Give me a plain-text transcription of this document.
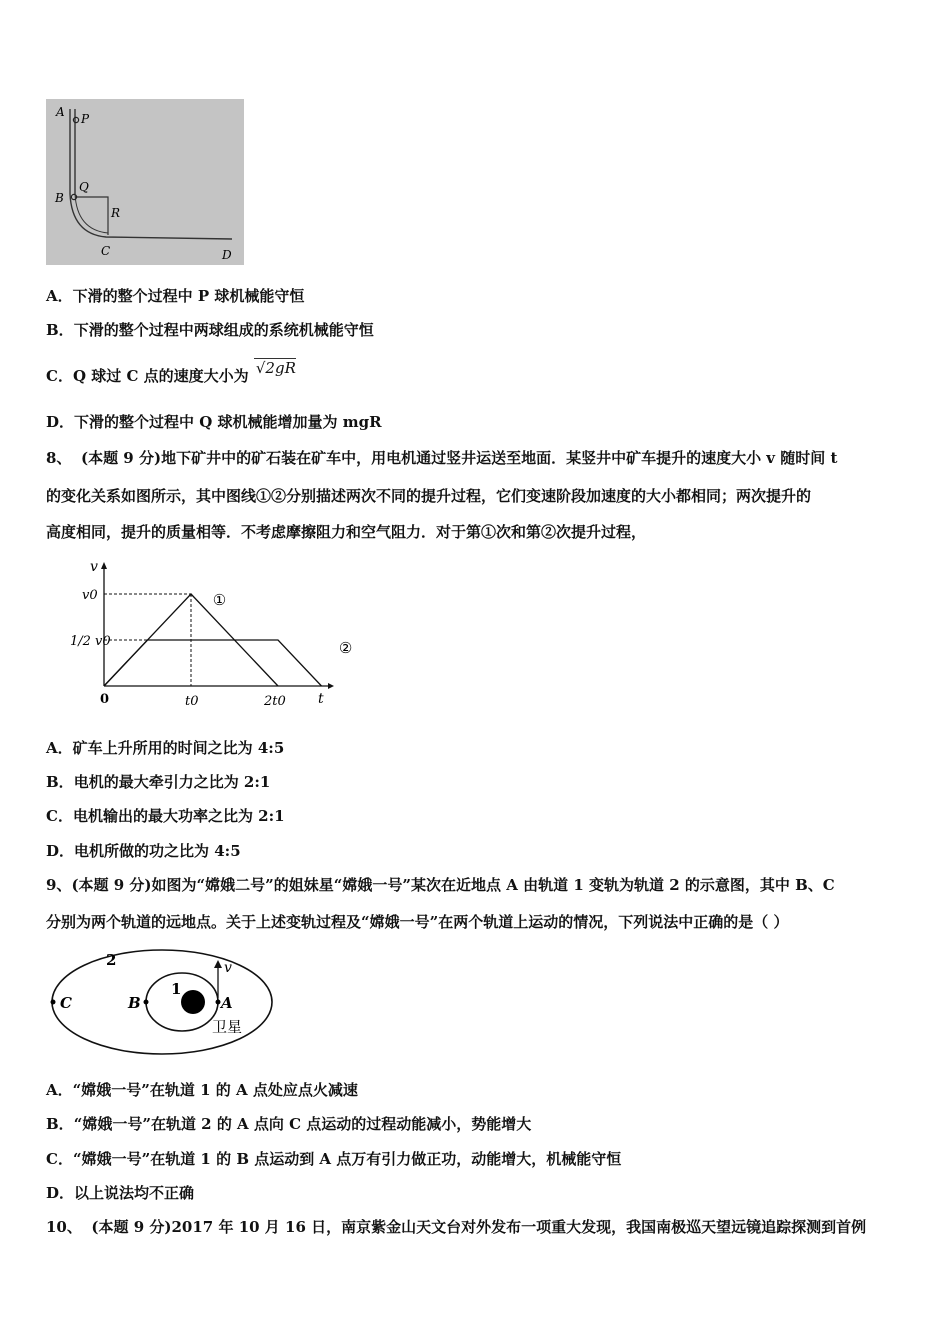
A P
B
Q
R
C	D
A．下滑的整个过程中 P 球机械能守恒
B．下滑的整个过程中两球组成的系统机械能守恒
C．Q 球过 C 点的速度大小为 √2gR
D．下滑的整个过程中 Q 球机械能增加量为 mgR
8、 (本题 9 分)地下矿井中的矿石装在矿车中，用电机通过竖井运送至地面．某竖井中矿车提升的速度大小 v 随时间 t
的变化关系如图所示，其中图线①②分别描述两次不同的提升过程，它们变速阶段加速度的大小都相同；两次提升的
高度相同，提升的质量相等．不考虑摩擦阻力和空气阻力．对于第①次和第②次提升过程，
①
②
0	t0	2t0
v0
1/2 v0
t
v
A．矿车上升所用的时间之比为 4:5
B．电机的最大牵引力之比为 2:1
C．电机输出的最大功率之比为 2:1
D．电机所做的功之比为 4:5
9、(本题 9 分)如图为“嫦娥二号”的姐妹星“嫦娥一号”某次在近地点 A 由轨道 1 变轨为轨道 2 的示意图，其中 B、C
分别为两个轨道的远地点。关于上述变轨过程及“嫦娥一号”在两个轨道上运动的情况，下列说法中正确的是（ ）
2
1
C	B	A
v
卫星
A．“嫦娥一号”在轨道 1 的 A 点处应点火减速
B．“嫦娥一号”在轨道 2 的 A 点向 C 点运动的过程动能减小，势能增大
C．“嫦娥一号”在轨道 1 的 B 点运动到 A 点万有引力做正功，动能增大，机械能守恒
D．以上说法均不正确
10、 (本题 9 分)2017 年 10 月 16 日，南京紫金山天文台对外发布一项重大发现，我国南极巡天望远镜追踪探测到首例
